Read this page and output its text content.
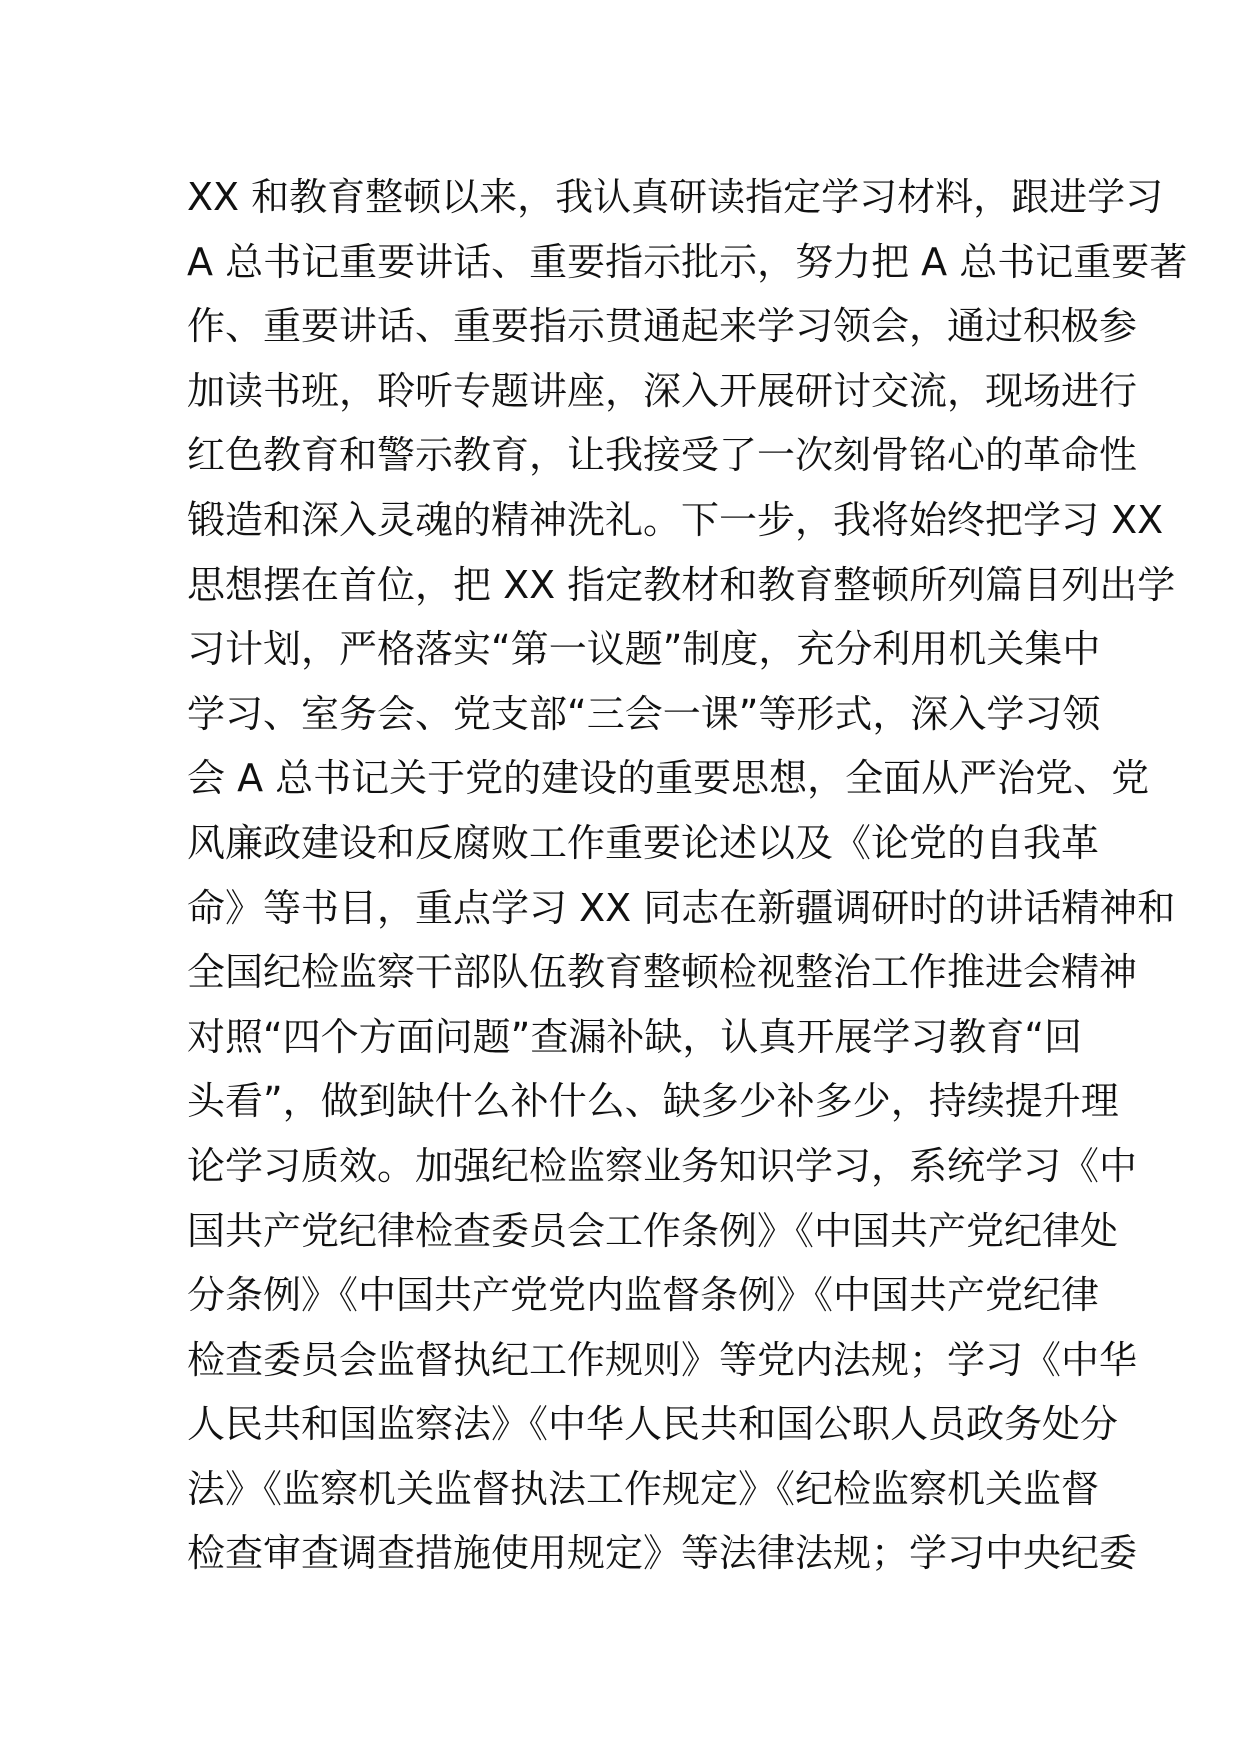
XX 和教育整顿以来，我认真研读指定学习材料，跟进学习
A 总书记重要讲话、重要指示批示，努力把 A 总书记重要著
作、重要讲话、重要指示贯通起来学习领会，通过积极参
加读书班，聆听专题讲座，深入开展研讨交流，现场进行
红色教育和警示教育，让我接受了一次刻骨铭心的革命性
锻造和深入灵魂的精神洗礼。下一步，我将始终把学习 XX
思想摆在首位，把 XX 指定教材和教育整顿所列篇目列出学
习计划，严格落实“第一议题”制度，充分利用机关集中
学习、室务会、党支部“三会一课”等形式，深入学习领
会 A 总书记关于党的建设的重要思想，全面从严治党、党
风廉政建设和反腐败工作重要论述以及《论党的自我革
命》等书目，重点学习 XX 同志在新疆调研时的讲话精神和
全国纪检监察干部队伍教育整顿检视整治工作推进会精神
对照“四个方面问题”查漏补缺，认真开展学习教育“回
头看”，做到缺什么补什么、缺多少补多少，持续提升理
论学习质效。加强纪检监察业务知识学习，系统学习《中
国共产党纪律检查委员会工作条例》《中国共产党纪律处
分条例》《中国共产党党内监督条例》《中国共产党纪律
检查委员会监督执纪工作规则》等党内法规；学习《中华
人民共和国监察法》《中华人民共和国公职人员政务处分
法》《监察机关监督执法工作规定》《纪检监察机关监督
检查审查调查措施使用规定》等法律法规；学习中央纪委
